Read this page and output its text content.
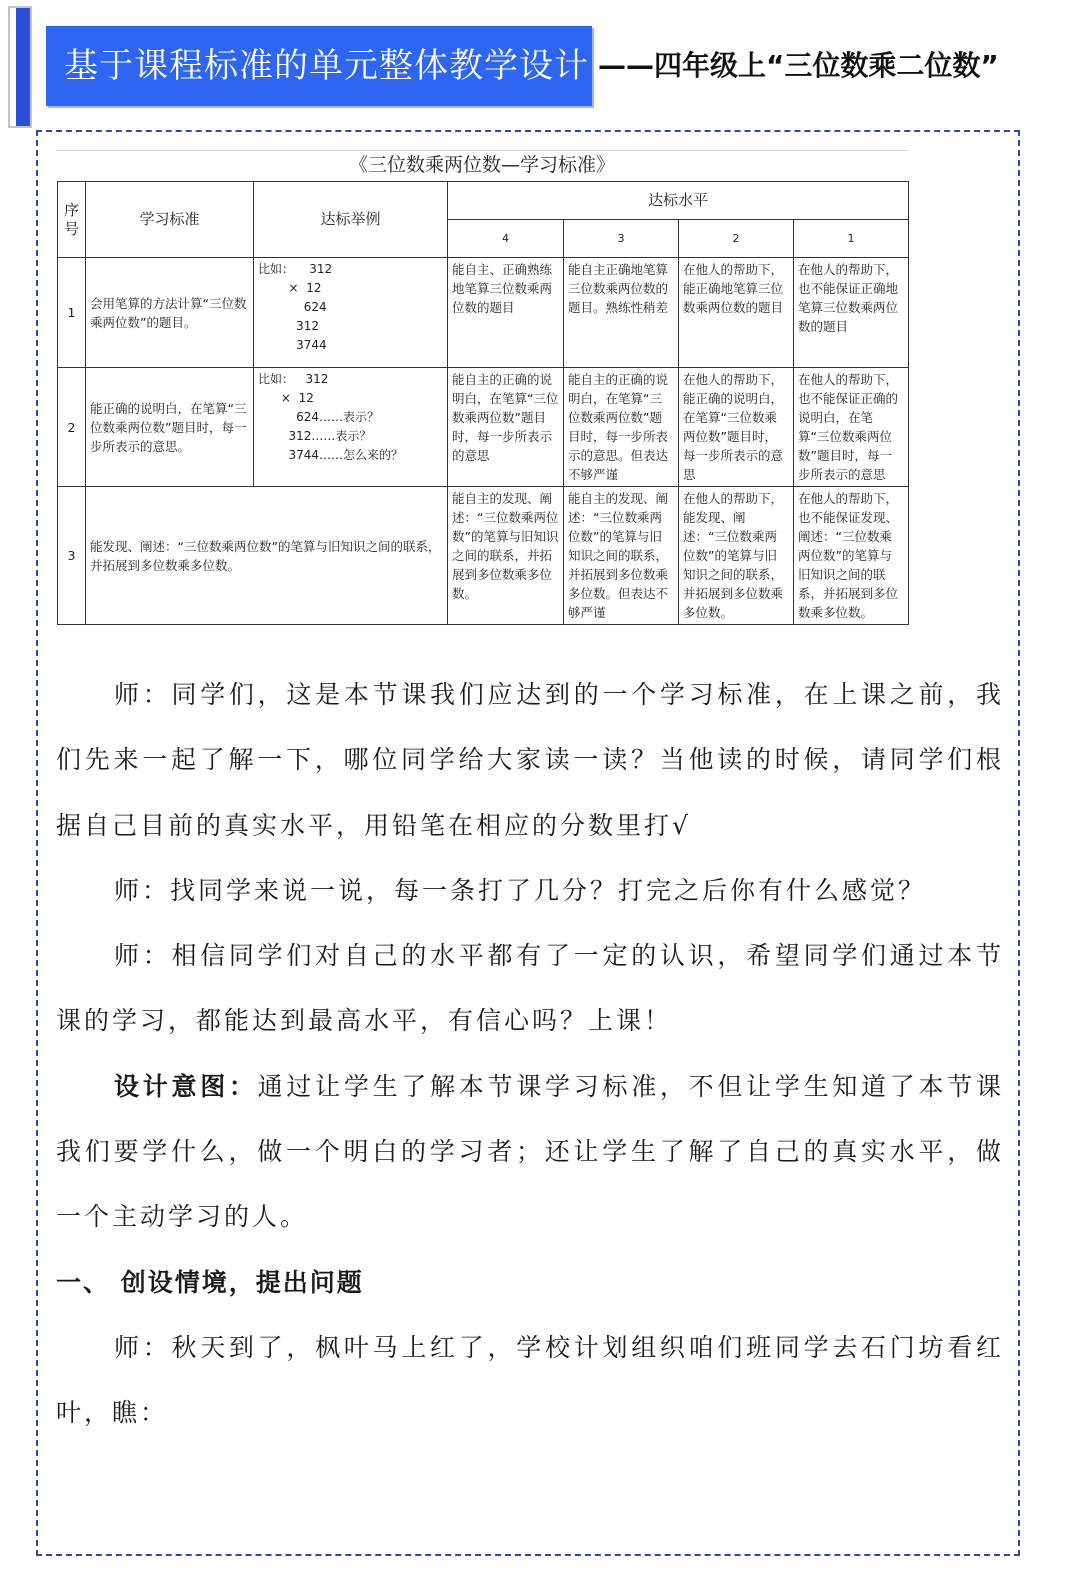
基于课程标准的单元整体教学设计 ——四年级上“三位数乘二位数”
《三位数乘两位数—学习标准》
序号	学习标准	达标举例	达标水平			
			4	3	2	1
1	会用笔算的方法计算“三位数乘两位数”的题目。	比如：    312
×  12
624
312
3744	能自主、正确熟练地笔算三位数乘两位数的题目	能自主正确地笔算三位数乘两位数的题目。熟练性稍差	在他人的帮助下，能正确地笔算三位数乘两位数的题目	在他人的帮助下，也不能保证正确地笔算三位数乘两位数的题目
2	能正确的说明白，在笔算“三位数乘两位数”题目时，每一步所表示的意思。	比如：   312
×  12
624……表示？
312……表示？
3744……怎么来的？	能自主的正确的说明白，在笔算“三位数乘两位数”题目时，每一步所表示的意思	能自主的正确的说明白，在笔算“三位数乘两位数”题目时，每一步所表示的意思。但表达不够严谨	在他人的帮助下，能正确的说明白，在笔算“三位数乘两位数”题目时，每一步所表示的意思	在他人的帮助下，也不能保证正确的说明白，在笔算“三位数乘两位数”题目时，每一步所表示的意思
3	能发现、阐述：“三位数乘两位数”的笔算与旧知识之间的联系，并拓展到多位数乘多位数。		能自主的发现、阐述：“三位数乘两位数”的笔算与旧知识之间的联系，并拓展到多位数乘多位数。	能自主的发现、阐述：“三位数乘两位数”的笔算与旧知识之间的联系，并拓展到多位数乘多位数。但表达不够严谨	在他人的帮助下，能发现、阐述：“三位数乘两位数”的笔算与旧知识之间的联系，并拓展到多位数乘多位数。	在他人的帮助下，也不能保证发现、阐述：“三位数乘两位数”的笔算与旧知识之间的联系，并拓展到多位数乘多位数。

师：同学们，这是本节课我们应达到的一个学习标准，在上课之前，我们先来一起了解一下，哪位同学给大家读一读？当他读的时候，请同学们根据自己目前的真实水平，用铅笔在相应的分数里打√

师：找同学来说一说，每一条打了几分？打完之后你有什么感觉？

师：相信同学们对自己的水平都有了一定的认识，希望同学们通过本节课的学习，都能达到最高水平，有信心吗？上课！

设计意图：通过让学生了解本节课学习标准，不但让学生知道了本节课我们要学什么，做一个明白的学习者；还让学生了解了自己的真实水平，做一个主动学习的人。

一、 创设情境，提出问题

师：秋天到了，枫叶马上红了，学校计划组织咱们班同学去石门坊看红叶，瞧：
